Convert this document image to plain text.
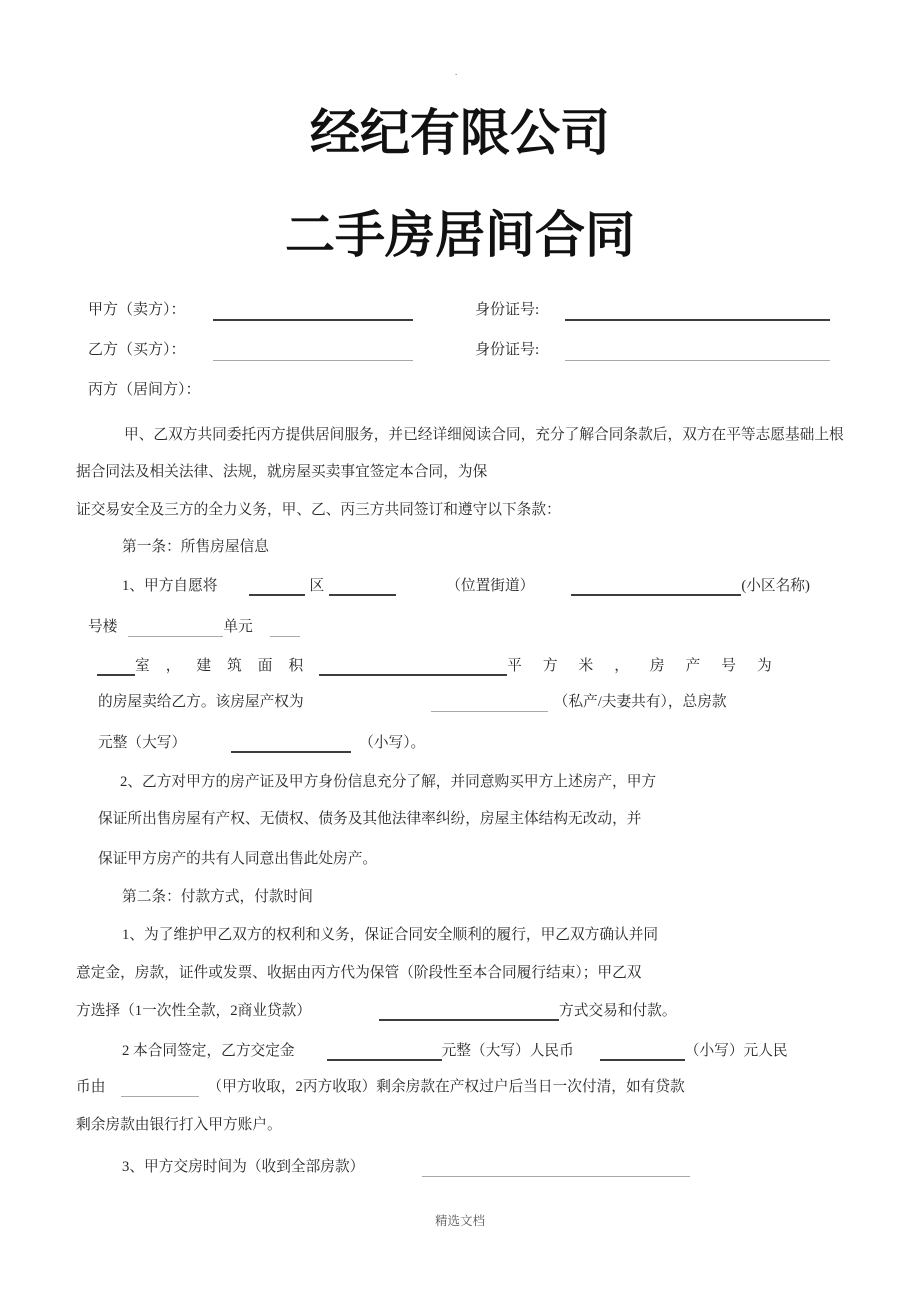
.
经纪有限公司
二手房居间合同
甲方（卖方）：	身份证号:
乙方（买方）：	身份证号:
丙方（居间方）：
甲、乙双方共同委托丙方提供居间服务，并已经详细阅读合同，充分了解合同条款后，双方在平等志愿基础上根
据合同法及相关法律、法规，就房屋买卖事宜签定本合同，为保
证交易安全及三方的全力义务，甲、乙、丙三方共同签订和遵守以下条款：
第一条：所售房屋信息
1、甲方自愿将	区	（位置街道）	(小区名称)
号楼	单元
室，建筑面积	平方米，房产号为
的房屋卖给乙方。该房屋产权为	（私产/夫妻共有），总房款
元整（大写）	（小写）。
2、乙方对甲方的房产证及甲方身份信息充分了解，并同意购买甲方上述房产，甲方
保证所出售房屋有产权、无债权、债务及其他法律率纠纷，房屋主体结构无改动，并
保证甲方房产的共有人同意出售此处房产。
第二条：付款方式，付款时间
1、为了维护甲乙双方的权利和义务，保证合同安全顺利的履行，甲乙双方确认并同
意定金，房款，证件或发票、收据由丙方代为保管（阶段性至本合同履行结束）；甲乙双
方选择（1一次性全款，2商业贷款）	方式交易和付款。
2 本合同签定，乙方交定金	元整（大写）人民币	（小写）元人民
币由	（甲方收取，2丙方收取）剩余房款在产权过户后当日一次付清，如有贷款
剩余房款由银行打入甲方账户。
3、甲方交房时间为（收到全部房款）
精选文档
